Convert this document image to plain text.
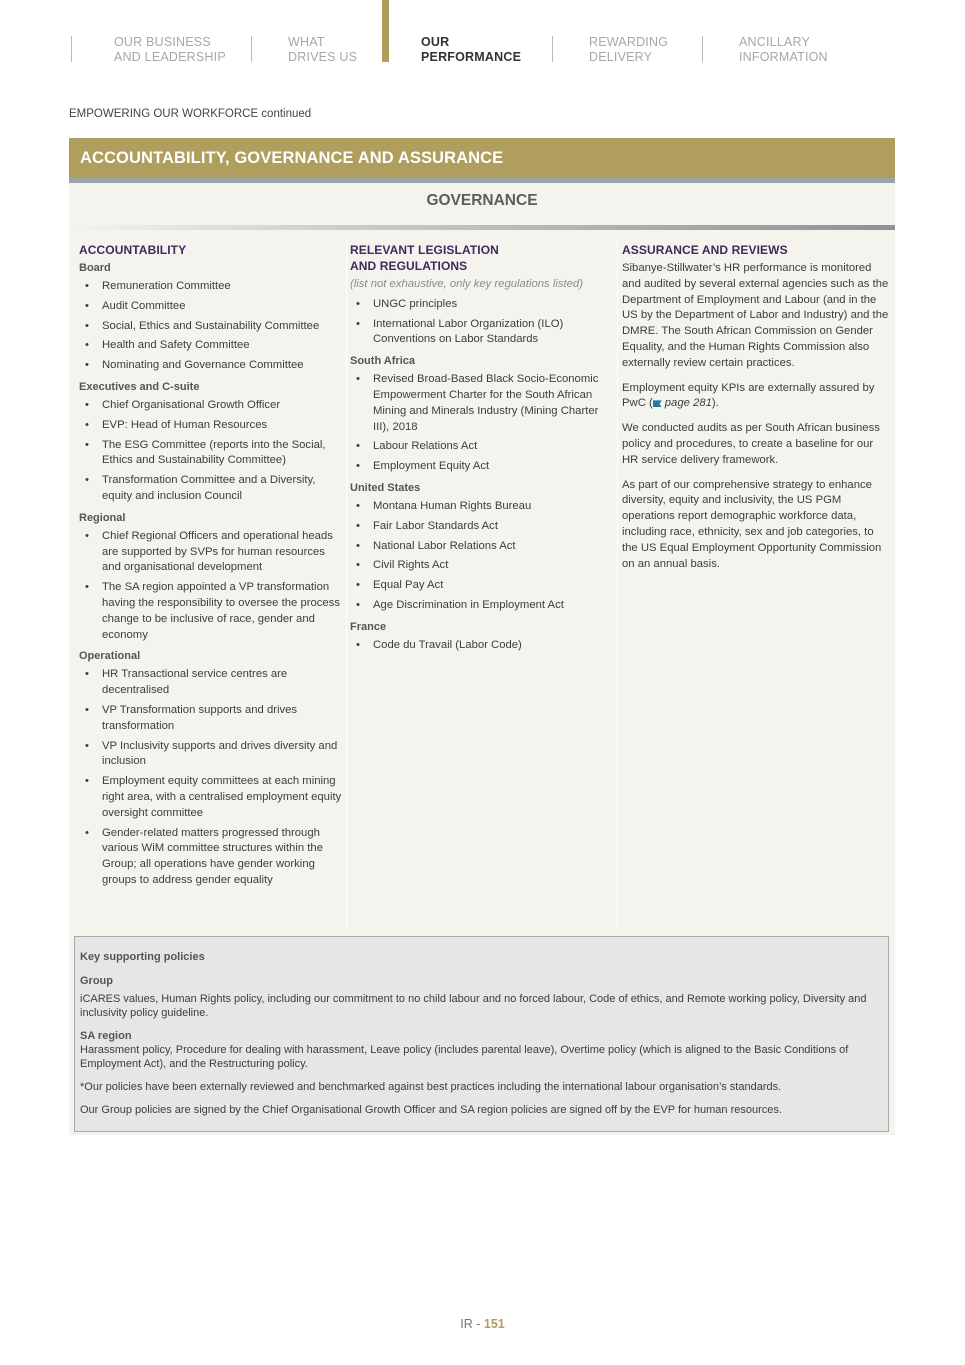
OUR BUSINESS
AND LEADERSHIP
WHAT
DRIVES US
OUR
PERFORMANCE
REWARDING
DELIVERY
ANCILLARY
INFORMATION
EMPOWERING OUR WORKFORCE continued
ACCOUNTABILITY, GOVERNANCE AND ASSURANCE
GOVERNANCE
ACCOUNTABILITY
Board
• Remuneration Committee
• Audit Committee
• Social, Ethics and Sustainability Committee
• Health and Safety Committee
• Nominating and Governance Committee
Executives and C-suite
• Chief Organisational Growth Officer
• EVP: Head of Human Resources
• The ESG Committee (reports into the Social, Ethics and Sustainability Committee)
• Transformation Committee and a Diversity, equity and inclusion Council
Regional
• Chief Regional Officers and operational heads are supported by SVPs for human resources and organisational development
• The SA region appointed a VP transformation having the responsibility to oversee the process change to be inclusive of race, gender and economy
Operational
• HR Transactional service centres are decentralised
• VP Transformation supports and drives transformation
• VP Inclusivity supports and drives diversity and inclusion
• Employment equity committees at each mining right area, with a centralised employment equity oversight committee
• Gender-related matters progressed through various WiM committee structures within the Group; all operations have gender working groups to address gender equality
RELEVANT LEGISLATION
AND REGULATIONS

(list not exhaustive, only key regulations listed)

• UNGC principles
• International Labor Organization (ILO) Conventions on Labor Standards
South Africa
• Revised Broad-Based Black Socio-Economic Empowerment Charter for the South African Mining and Minerals Industry (Mining Charter III), 2018
• Labour Relations Act
• Employment Equity Act
United States
• Montana Human Rights Bureau
• Fair Labor Standards Act
• National Labor Relations Act
• Civil Rights Act
• Equal Pay Act
• Age Discrimination in Employment Act
France
• Code du Travail (Labor Code)
ASSURANCE AND REVIEWS

Sibanye-Stillwater’s HR performance is monitored and audited by several external agencies such as the Department of Employment and Labour (and in the US by the Department of Labor and Industry) and the DMRE. The South African Commission on Gender Equality, and the Human Rights Commission also externally review certain practices.

Employment equity KPIs are externally assured by PwC ( page 281).

We conducted audits as per South African business policy and procedures, to create a baseline for our HR service delivery framework.

As part of our comprehensive strategy to enhance diversity, equity and inclusivity, the US PGM operations report demographic workforce data, including race, ethnicity, sex and job categories, to the US Equal Employment Opportunity Commission on an annual basis.

Key supporting policies
Group

iCARES values, Human Rights policy, including our commitment to no child labour and no forced labour, Code of ethics, and Remote working policy, Diversity and inclusivity policy guideline.

SA region

Harassment policy, Procedure for dealing with harassment, Leave policy (includes parental leave), Overtime policy (which is aligned to the Basic Conditions of Employment Act), and the Restructuring policy.

*Our policies have been externally reviewed and benchmarked against best practices including the international labour organisation’s standards.

Our Group policies are signed by the Chief Organisational Growth Officer and SA region policies are signed off by the EVP for human resources.

IR - 151
